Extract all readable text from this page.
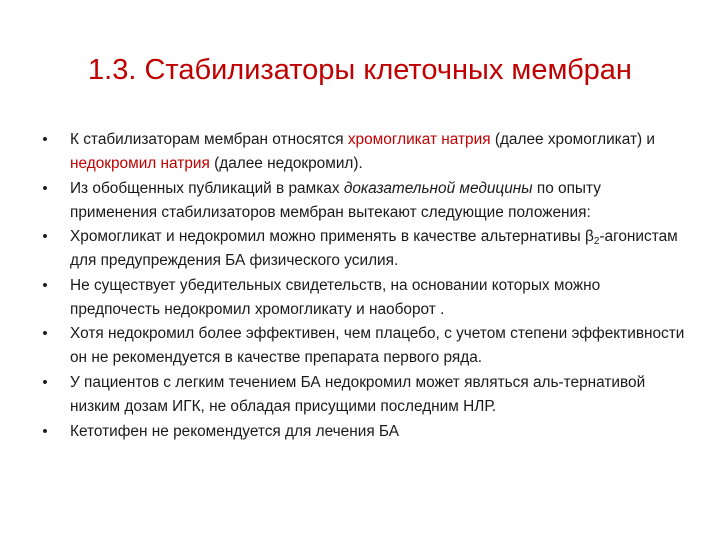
1.3. Стабилизаторы клеточных мембран
• К стабилизаторам мембран относятся хромогликат натрия (далее хромогликат) и недокромил натрия (далее недокромил).
• Из обобщенных публикаций в рамках доказательной медицины по опыту применения стабилизаторов мембран вытекают следующие положения:
• Хромогликат и недокромил можно применять в качестве альтернативы $\beta_2$-агонистам для предупреждения БА физического усилия.
• Не существует убедительных свидетельств, на основании которых можно предпочесть недокромил хромогликату и наоборот .
• Хотя недокромил более эффективен, чем плацебо, с учетом степени эффективности он не рекомендуется в качестве препарата первого ряда.
• У пациентов с легким течением БА недокромил может являться аль-тернативой низким дозам ИГК, не обладая присущими последним НЛР.
• Кетотифен не рекомендуется для лечения БА
